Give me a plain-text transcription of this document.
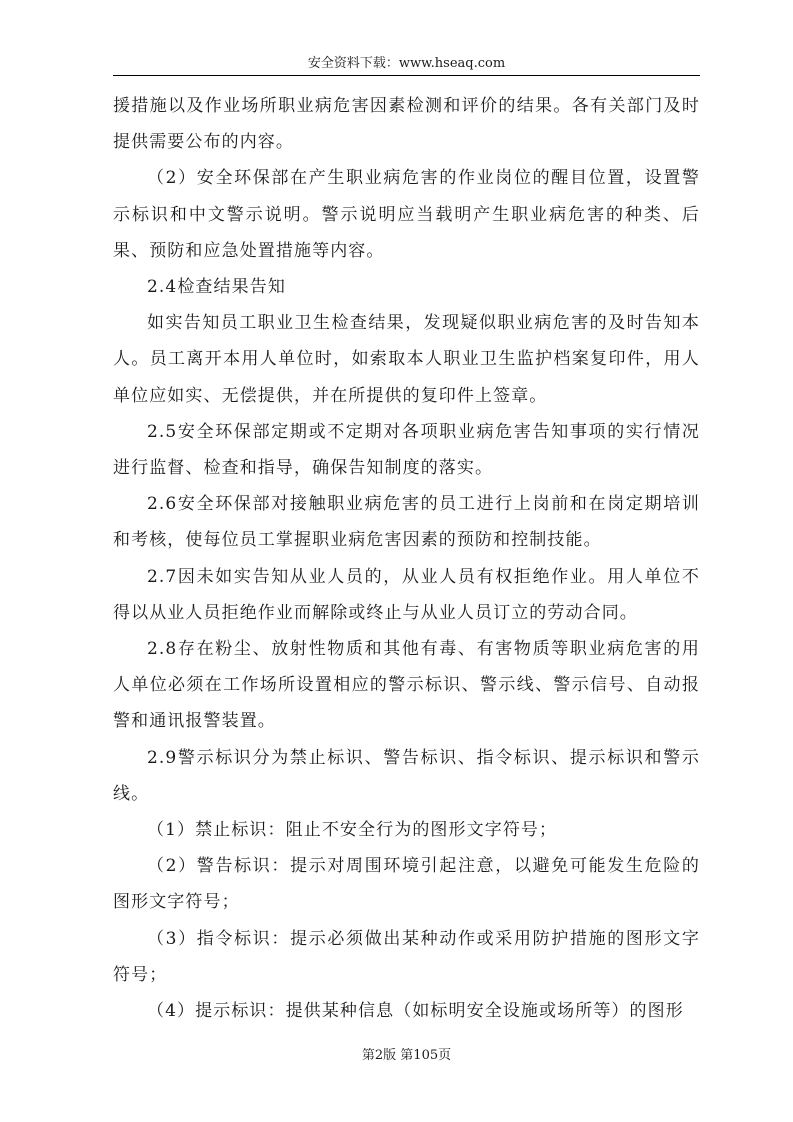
安全资料下载：www.hseaq.com

援措施以及作业场所职业病危害因素检测和评价的结果。各有关部门及时提供需要公布的内容。

（2）安全环保部在产生职业病危害的作业岗位的醒目位置，设置警示标识和中文警示说明。警示说明应当载明产生职业病危害的种类、后果、预防和应急处置措施等内容。

2.4检查结果告知

如实告知员工职业卫生检查结果，发现疑似职业病危害的及时告知本人。员工离开本用人单位时，如索取本人职业卫生监护档案复印件，用人单位应如实、无偿提供，并在所提供的复印件上签章。

2.5安全环保部定期或不定期对各项职业病危害告知事项的实行情况进行监督、检查和指导，确保告知制度的落实。

2.6安全环保部对接触职业病危害的员工进行上岗前和在岗定期培训和考核，使每位员工掌握职业病危害因素的预防和控制技能。

2.7因未如实告知从业人员的，从业人员有权拒绝作业。用人单位不得以从业人员拒绝作业而解除或终止与从业人员订立的劳动合同。

2.8存在粉尘、放射性物质和其他有毒、有害物质等职业病危害的用人单位必须在工作场所设置相应的警示标识、警示线、警示信号、自动报警和通讯报警装置。

2.9警示标识分为禁止标识、警告标识、指令标识、提示标识和警示线。

（1）禁止标识：阻止不安全行为的图形文字符号；

（2）警告标识：提示对周围环境引起注意，以避免可能发生危险的图形文字符号；

（3）指令标识：提示必须做出某种动作或采用防护措施的图形文字符号；

（4）提示标识：提供某种信息（如标明安全设施或场所等）的图形

第2版 第105页
